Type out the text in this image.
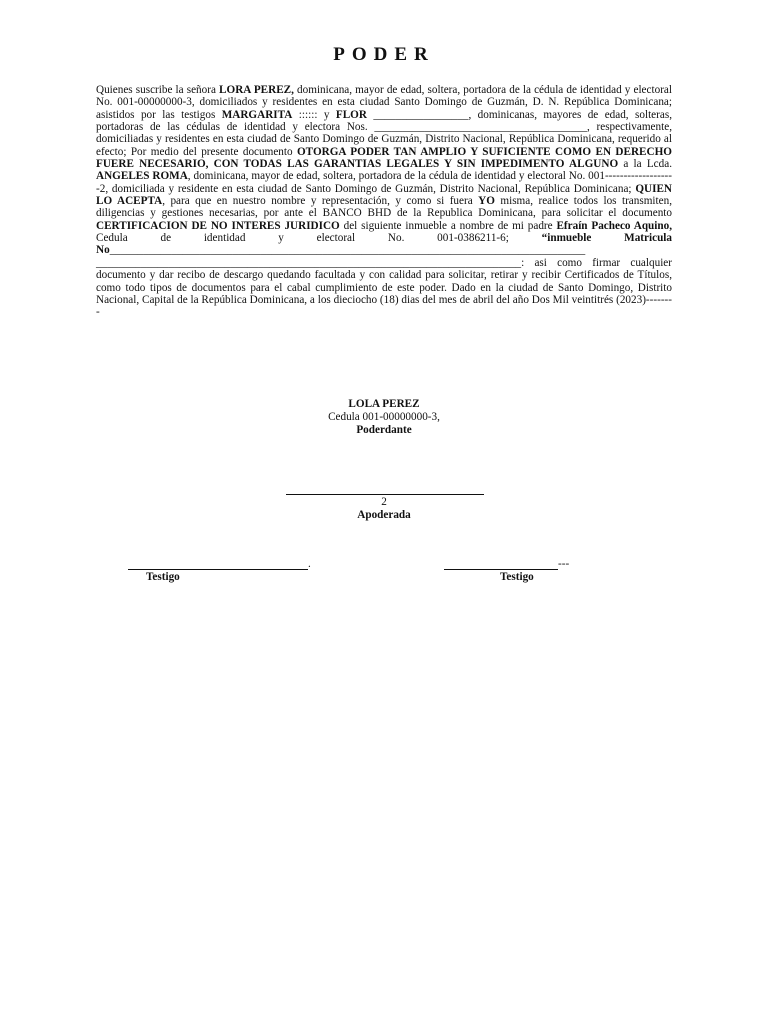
PODER

Quienes suscribe la señora LORA PEREZ, dominicana, mayor de edad, soltera, portadora de la cédula de identidad y electoral No. 001-00000000-3, domiciliados y residentes en esta ciudad Santo Domingo de Guzmán, D. N. República Dominicana; asistidos por las testigos MARGARITA :::::: y FLOR _________________, dominicanas, mayores de edad, solteras, portadoras de las cédulas de identidad y electora Nos. ______________________________________, respectivamente, domiciliadas y residentes en esta ciudad de Santo Domingo de Guzmán, Distrito Nacional, República Dominicana, requerido al efecto; Por medio del presente documento OTORGA PODER TAN AMPLIO Y SUFICIENTE COMO EN DERECHO FUERE NECESARIO, CON TODAS LAS GARANTIAS LEGALES Y SIN IMPEDIMENTO ALGUNO a la Lcda. ANGELES ROMA, dominicana, mayor de edad, soltera, portadora de la cédula de identidad y electoral No. 001-------------------2, domiciliada y residente en esta ciudad de Santo Domingo de Guzmán, Distrito Nacional, República Dominicana; QUIEN LO ACEPTA, para que en nuestro nombre y representación, y como si fuera YO misma, realice todos los transmiten, diligencias y gestiones necesarias, por ante el BANCO BHD de la Republica Dominicana, para solicitar el documento CERTIFICACION DE NO INTERES JURIDICO del siguiente inmueble a nombre de mi padre Efraín Pacheco Aquino, Cedula de identidad y electoral No. 001-0386211-6; “inmueble Matricula No_____________________________________________________________________________________ ____________________________________________________________________________: asi como firmar cualquier documento y dar recibo de descargo quedando facultada y con calidad para solicitar, retirar y recibir Certificados de Títulos, como todo tipos de documentos para el cabal cumplimiento de este poder. Dado en la ciudad de Santo Domingo, Distrito Nacional, Capital de la República Dominicana, a los dieciocho (18) dias del mes de abril del año Dos Mil veintitrés (2023)--------

LOLA PEREZ
Cedula 001-00000000-3,
Poderdante
2
Apoderada
.
Testigo
---
Testigo
